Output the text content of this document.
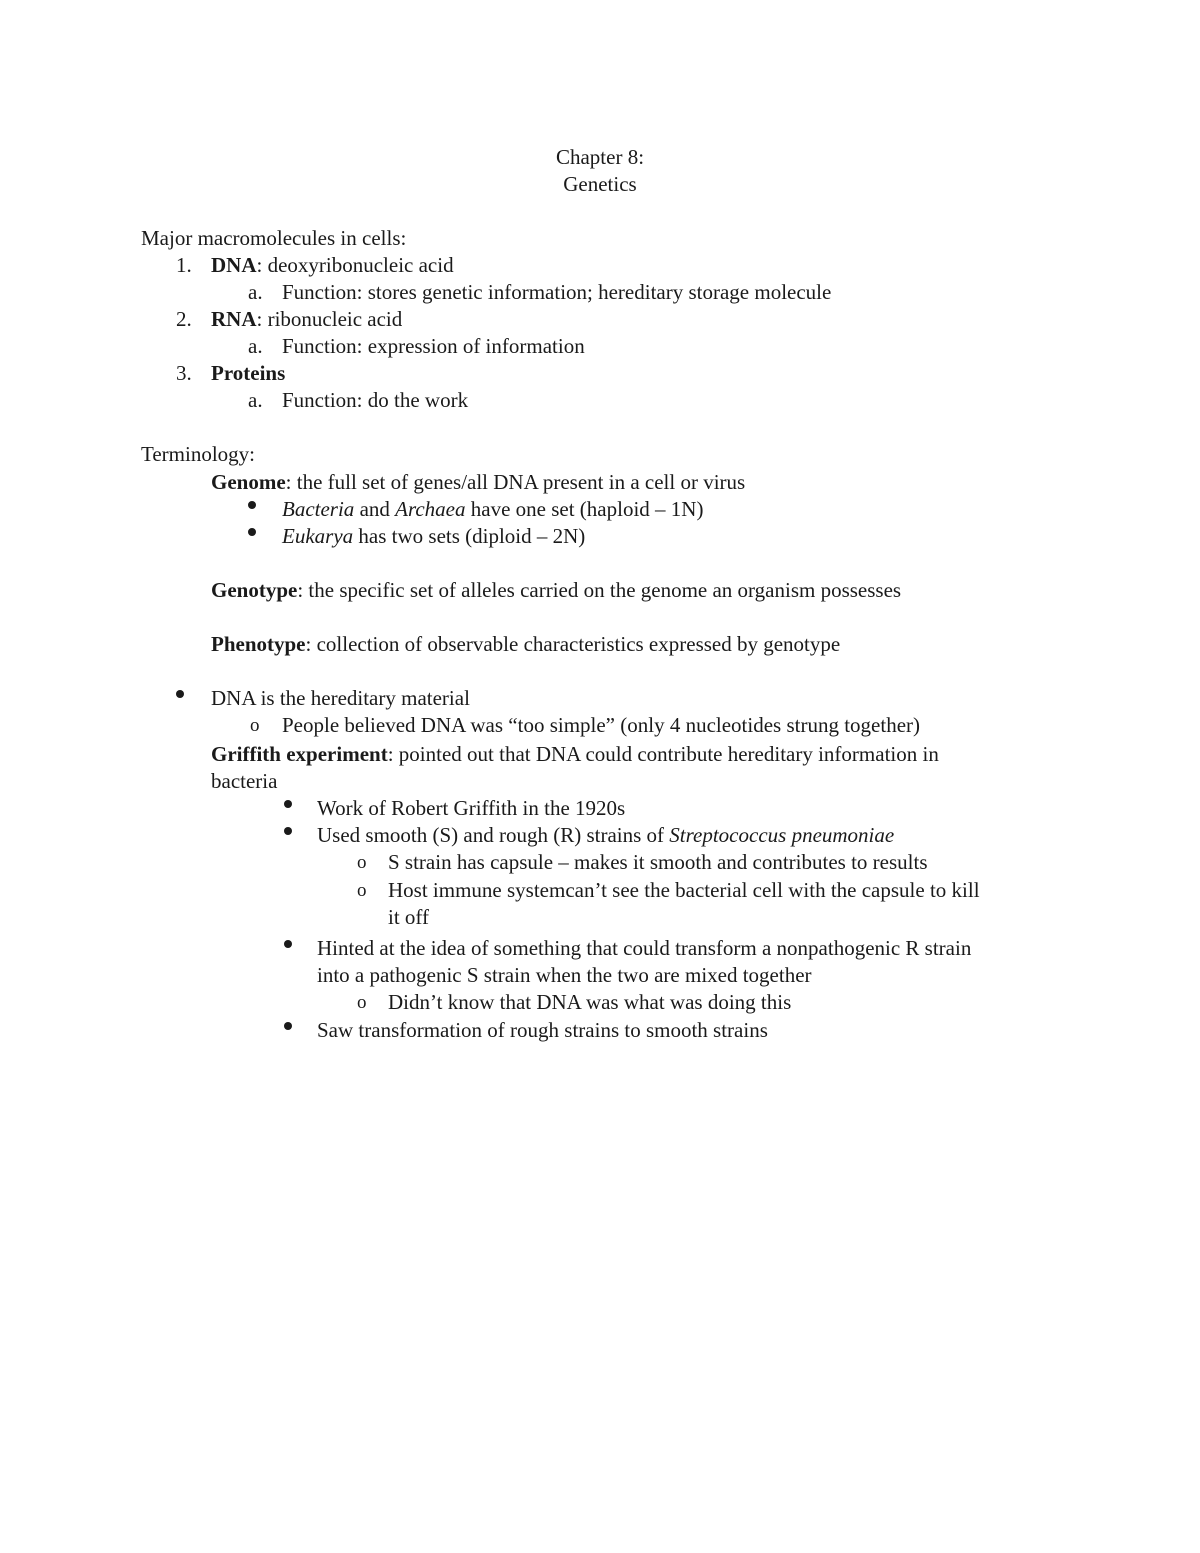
Chapter 8:
Genetics
Major macromolecules in cells:
1. DNA: deoxyribonucleic acid
a. Function: stores genetic information; hereditary storage molecule
2. RNA: ribonucleic acid
a. Function: expression of information
3. Proteins
a. Function: do the work
Terminology:
Genome: the full set of genes/all DNA present in a cell or virus
Bacteria and Archaea have one set (haploid – 1N)
Eukarya has two sets (diploid – 2N)
Genotype: the specific set of alleles carried on the genome an organism possesses
Phenotype: collection of observable characteristics expressed by genotype
DNA is the hereditary material
o People believed DNA was “too simple” (only 4 nucleotides strung together)
Griffith experiment: pointed out that DNA could contribute hereditary information in
bacteria
Work of Robert Griffith in the 1920s
Used smooth (S) and rough (R) strains of Streptococcus pneumoniae
o S strain has capsule – makes it smooth and contributes to results
o Host immune systemcan’t see the bacterial cell with the capsule to kill
it off
Hinted at the idea of something that could transform a nonpathogenic R strain
into a pathogenic S strain when the two are mixed together
o Didn’t know that DNA was what was doing this
Saw transformation of rough strains to smooth strains
